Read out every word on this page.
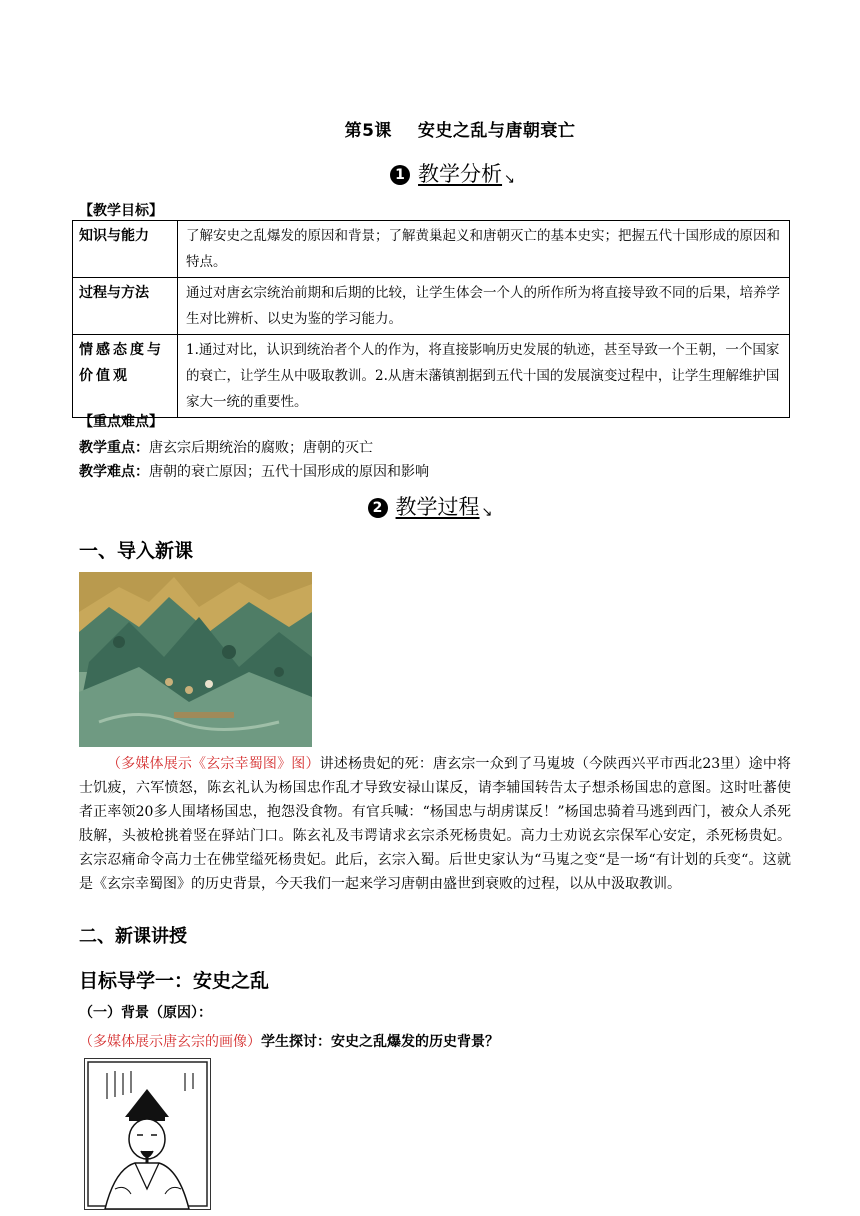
第5课 安史之乱与唐朝衰亡
1 教学分析 ↘
【教学目标】
知识与能力	了解安史之乱爆发的原因和背景；了解黄巢起义和唐朝灭亡的基本史实；把握五代十国形成的原因和特点。
过程与方法	通过对唐玄宗统治前期和后期的比较，让学生体会一个人的所作所为将直接导致不同的后果，培养学生对比辨析、以史为鉴的学习能力。
情感态度与价值观	1.通过对比，认识到统治者个人的作为，将直接影响历史发展的轨迹，甚至导致一个王朝，一个国家的衰亡，让学生从中吸取教训。2.从唐末藩镇割据到五代十国的发展演变过程中，让学生理解维护国家大一统的重要性。
【重点难点】
教学重点：唐玄宗后期统治的腐败；唐朝的灭亡
教学难点：唐朝的衰亡原因；五代十国形成的原因和影响
2 教学过程 ↘
一、导入新课
（多媒体展示《玄宗幸蜀图》图）讲述杨贵妃的死：唐玄宗一众到了马嵬坡（今陕西兴平市西北23里）途中将士饥疲，六军愤怒，陈玄礼认为杨国忠作乱才导致安禄山谋反，请李辅国转告太子想杀杨国忠的意图。这时吐蕃使者正率领20多人围堵杨国忠，抱怨没食物。有官兵喊：“杨国忠与胡虏谋反！”杨国忠骑着马逃到西门，被众人杀死肢解，头被枪挑着竖在驿站门口。陈玄礼及韦谔请求玄宗杀死杨贵妃。高力士劝说玄宗保军心安定，杀死杨贵妃。玄宗忍痛命令高力士在佛堂缢死杨贵妃。此后，玄宗入蜀。后世史家认为“马嵬之变“是一场“有计划的兵变“。这就是《玄宗幸蜀图》的历史背景，今天我们一起来学习唐朝由盛世到衰败的过程，以从中汲取教训。
二、新课讲授
目标导学一：安史之乱
（一）背景（原因）：
（多媒体展示唐玄宗的画像）学生探讨：安史之乱爆发的历史背景？
